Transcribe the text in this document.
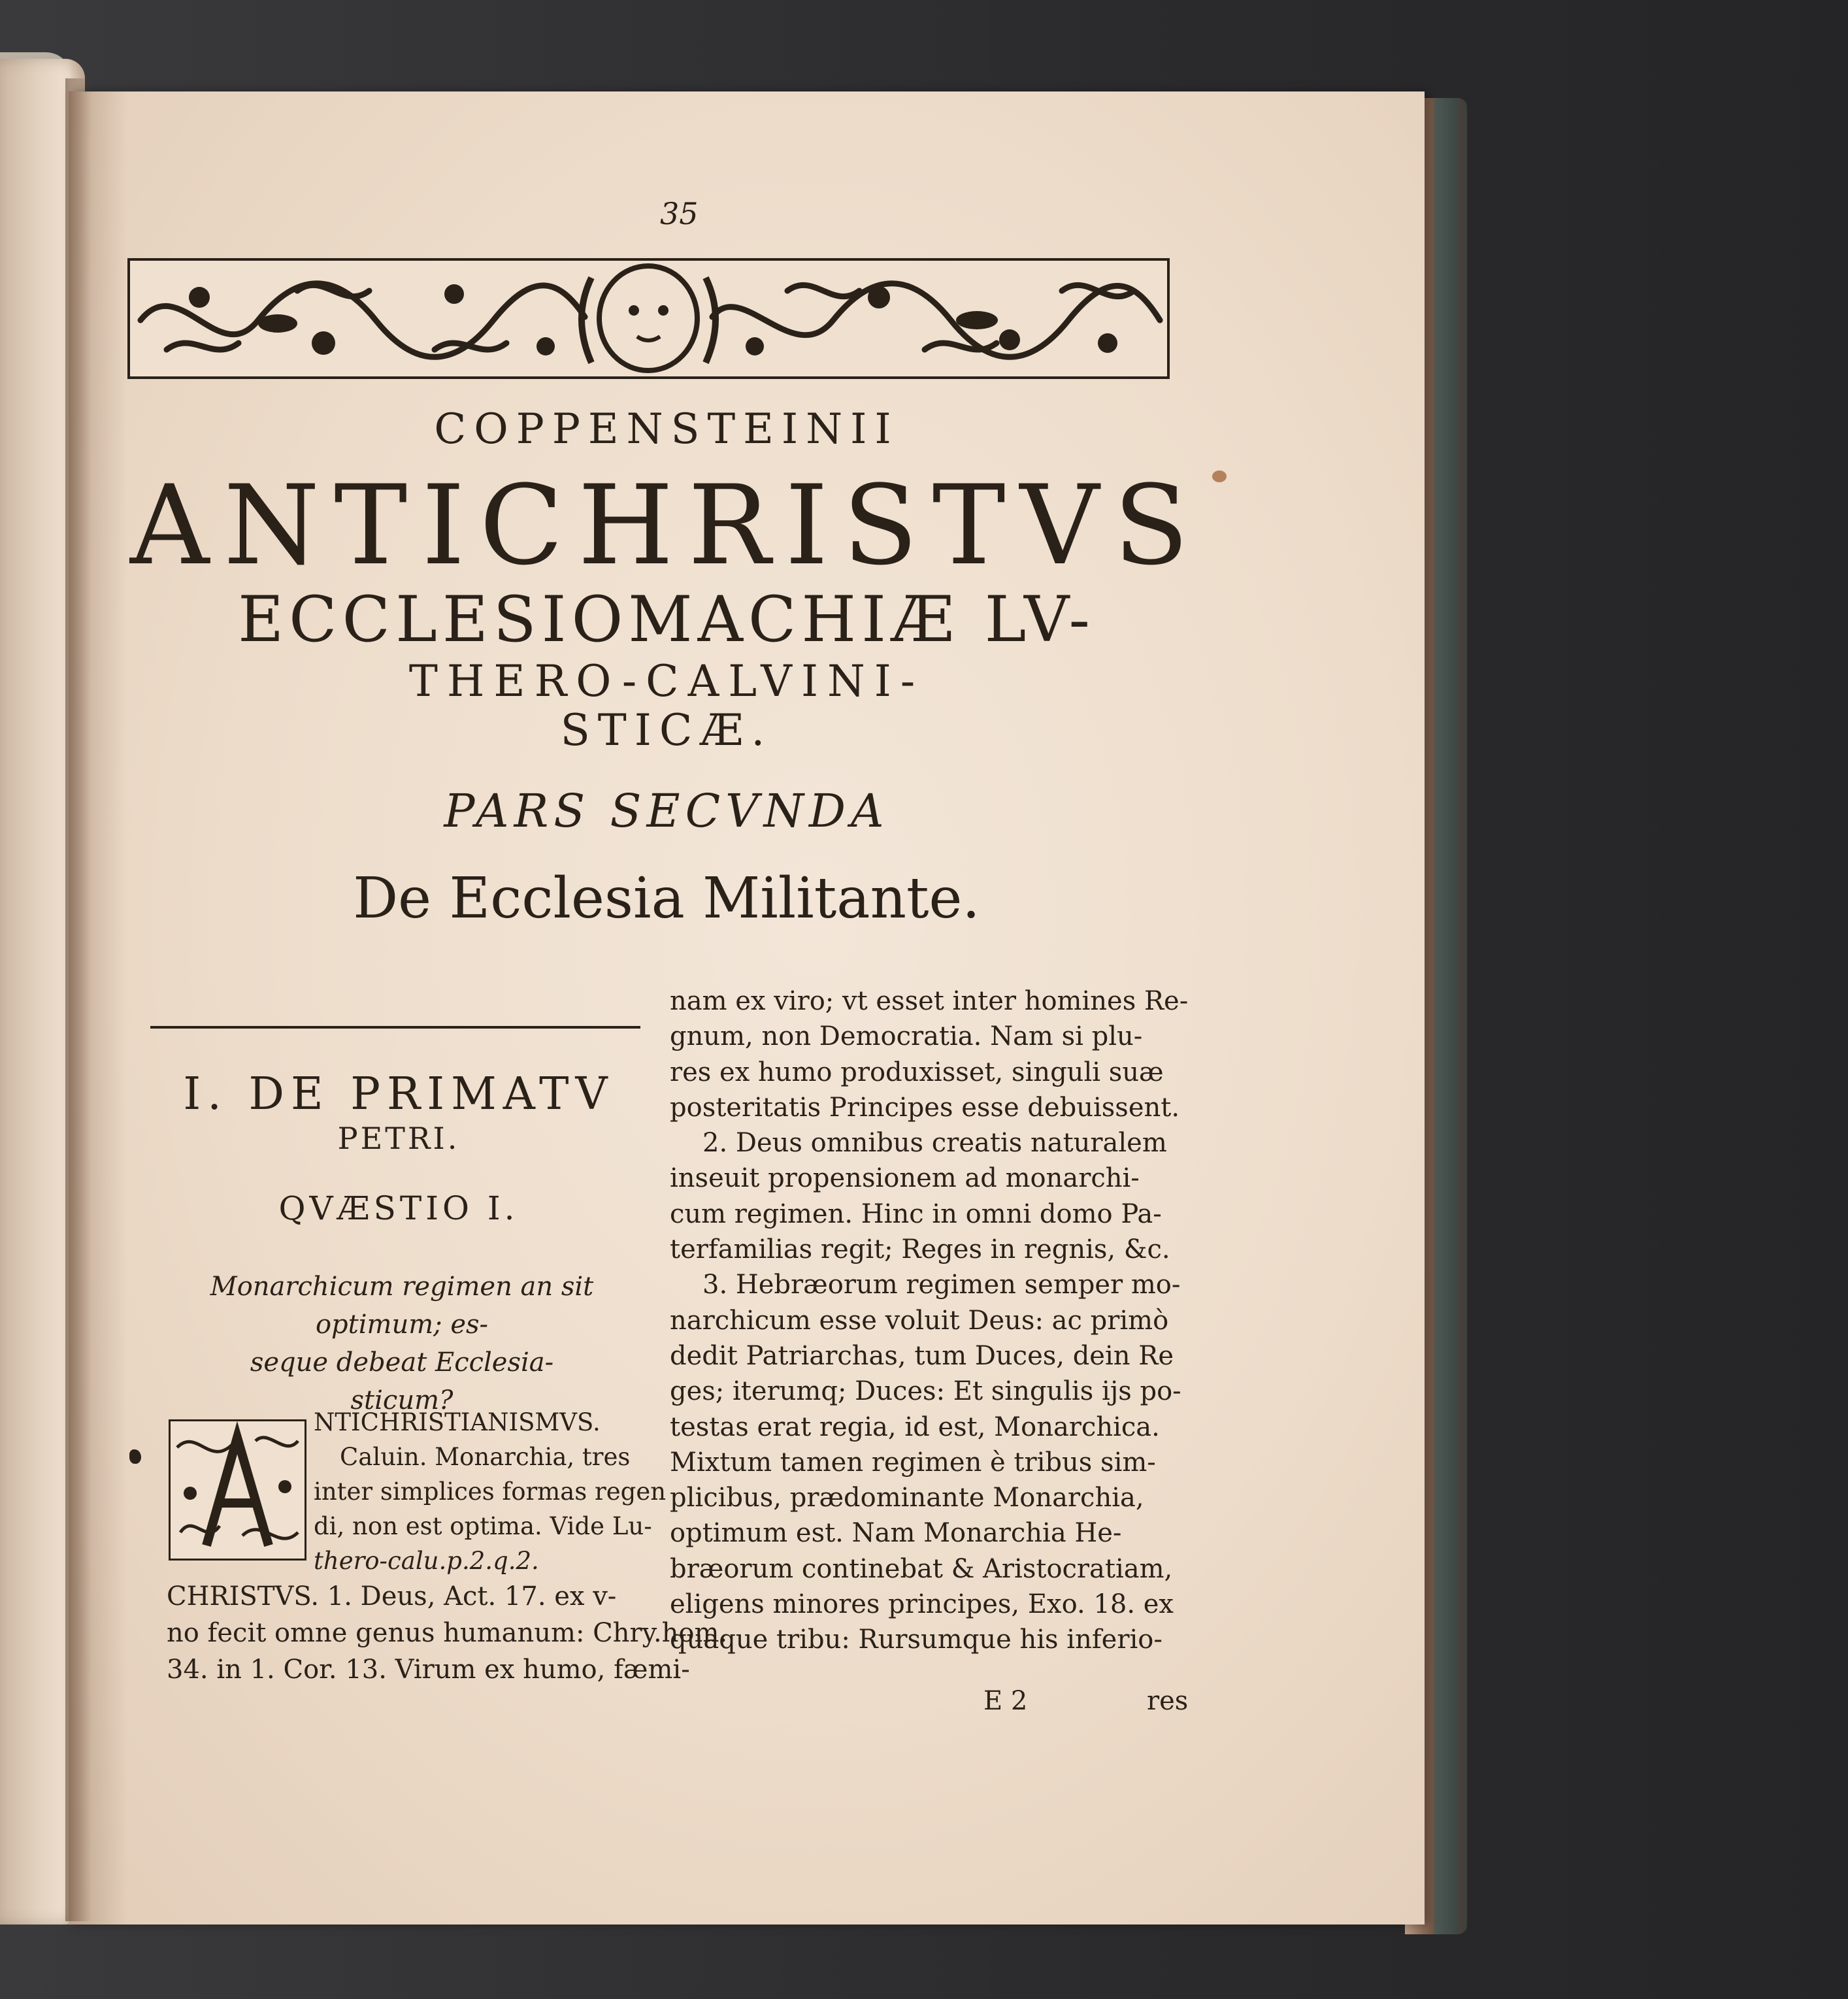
35
COPPENSTEINII
ANTICHRISTVS
ECCLESIOMACHIÆ LV-
THERO-CALVINI-
STICÆ.
PARS SECVNDA
De Ecclesia Militante.
I. DE PRIMATV
PETRI.
QVÆSTIO I.
Monarchicum regimen an sit optimum; es-
seque debeat Ecclesia-
sticum?
NTICHRISTIANISMVS.
Caluin. Monarchia, tres
inter simplices formas regen
di, non est optima. Vide Lu-
thero-calu.p.2.q.2.
CHRISTVS. 1. Deus, Act. 17. ex v-
no fecit omne genus humanum: Chry.hom.
34. in 1. Cor. 13. Virum ex humo, fæmi-
nam ex viro; vt esset inter homines Re-
gnum, non Democratia. Nam si plu-
res ex humo produxisset, singuli suæ
posteritatis Principes esse debuissent.
2. Deus omnibus creatis naturalem
inseuit propensionem ad monarchi-
cum regimen. Hinc in omni domo Pa-
terfamilias regit; Reges in regnis, &c.
3. Hebræorum regimen semper mo-
narchicum esse voluit Deus: ac primò
dedit Patriarchas, tum Duces, dein Re
ges; iterumq; Duces: Et singulis ijs po-
testas erat regia, id est, Monarchica.
Mixtum tamen regimen è tribus sim-
plicibus, prædominante Monarchia,
optimum est. Nam Monarchia He-
bræorum continebat & Aristocratiam,
eligens minores principes, Exo. 18. ex
quaque tribu: Rursumque his inferio-
E 2	res
